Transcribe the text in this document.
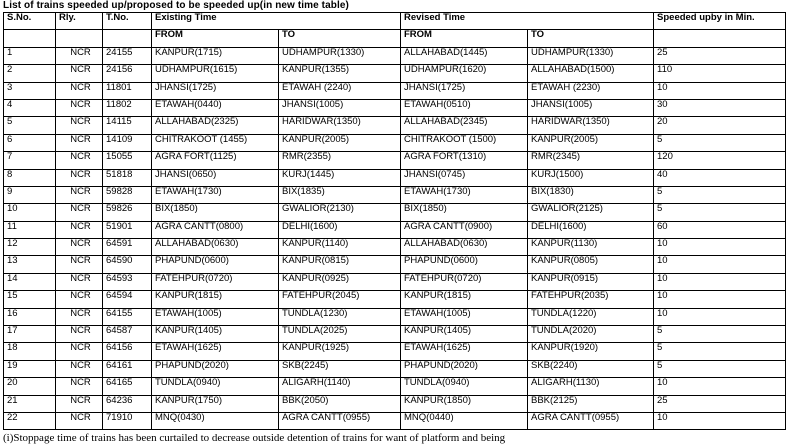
List of trains speeded up/proposed to be speeded up(in new time table)
S.No.	Rly.	T.No.	Existing Time		Revised Time		Speeded upby in Min.
			FROM	TO	FROM	TO	
1	NCR	24155	KANPUR(1715)	UDHAMPUR(1330)	ALLAHABAD(1445)	UDHAMPUR(1330)	25
2	NCR	24156	UDHAMPUR(1615)	KANPUR(1355)	UDHAMPUR(1620)	ALLAHABAD(1500)	110
3	NCR	11801	JHANSI(1725)	ETAWAH (2240)	JHANSI(1725)	ETAWAH (2230)	10
4	NCR	11802	ETAWAH(0440)	JHANSI(1005)	ETAWAH(0510)	JHANSI(1005)	30
5	NCR	14115	ALLAHABAD(2325)	HARIDWAR(1350)	ALLAHABAD(2345)	HARIDWAR(1350)	20
6	NCR	14109	CHITRAKOOT (1455)	KANPUR(2005)	CHITRAKOOT (1500)	KANPUR(2005)	5
7	NCR	15055	AGRA FORT(1125)	RMR(2355)	AGRA FORT(1310)	RMR(2345)	120
8	NCR	51818	JHANSI(0650)	KURJ(1445)	JHANSI(0745)	KURJ(1500)	40
9	NCR	59828	ETAWAH(1730)	BIX(1835)	ETAWAH(1730)	BIX(1830)	5
10	NCR	59826	BIX(1850)	GWALIOR(2130)	BIX(1850)	GWALIOR(2125)	5
11	NCR	51901	AGRA CANTT(0800)	DELHI(1600)	AGRA CANTT(0900)	DELHI(1600)	60
12	NCR	64591	ALLAHABAD(0630)	KANPUR(1140)	ALLAHABAD(0630)	KANPUR(1130)	10
13	NCR	64590	PHAPUND(0600)	KANPUR(0815)	PHAPUND(0600)	KANPUR(0805)	10
14	NCR	64593	FATEHPUR(0720)	KANPUR(0925)	FATEHPUR(0720)	KANPUR(0915)	10
15	NCR	64594	KANPUR(1815)	FATEHPUR(2045)	KANPUR(1815)	FATEHPUR(2035)	10
16	NCR	64155	ETAWAH(1005)	TUNDLA(1230)	ETAWAH(1005)	TUNDLA(1220)	10
17	NCR	64587	KANPUR(1405)	TUNDLA(2025)	KANPUR(1405)	TUNDLA(2020)	5
18	NCR	64156	ETAWAH(1625)	KANPUR(1925)	ETAWAH(1625)	KANPUR(1920)	5
19	NCR	64161	PHAPUND(2020)	SKB(2245)	PHAPUND(2020)	SKB(2240)	5
20	NCR	64165	TUNDLA(0940)	ALIGARH(1140)	TUNDLA(0940)	ALIGARH(1130)	10
21	NCR	64236	KANPUR(1750)	BBK(2050)	KANPUR(1850)	BBK(2125)	25
22	NCR	71910	MNQ(0430)	AGRA CANTT(0955)	MNQ(0440)	AGRA CANTT(0955)	10
(i)Stoppage time of trains has been curtailed to decrease outside detention of trains for want of platform and being
